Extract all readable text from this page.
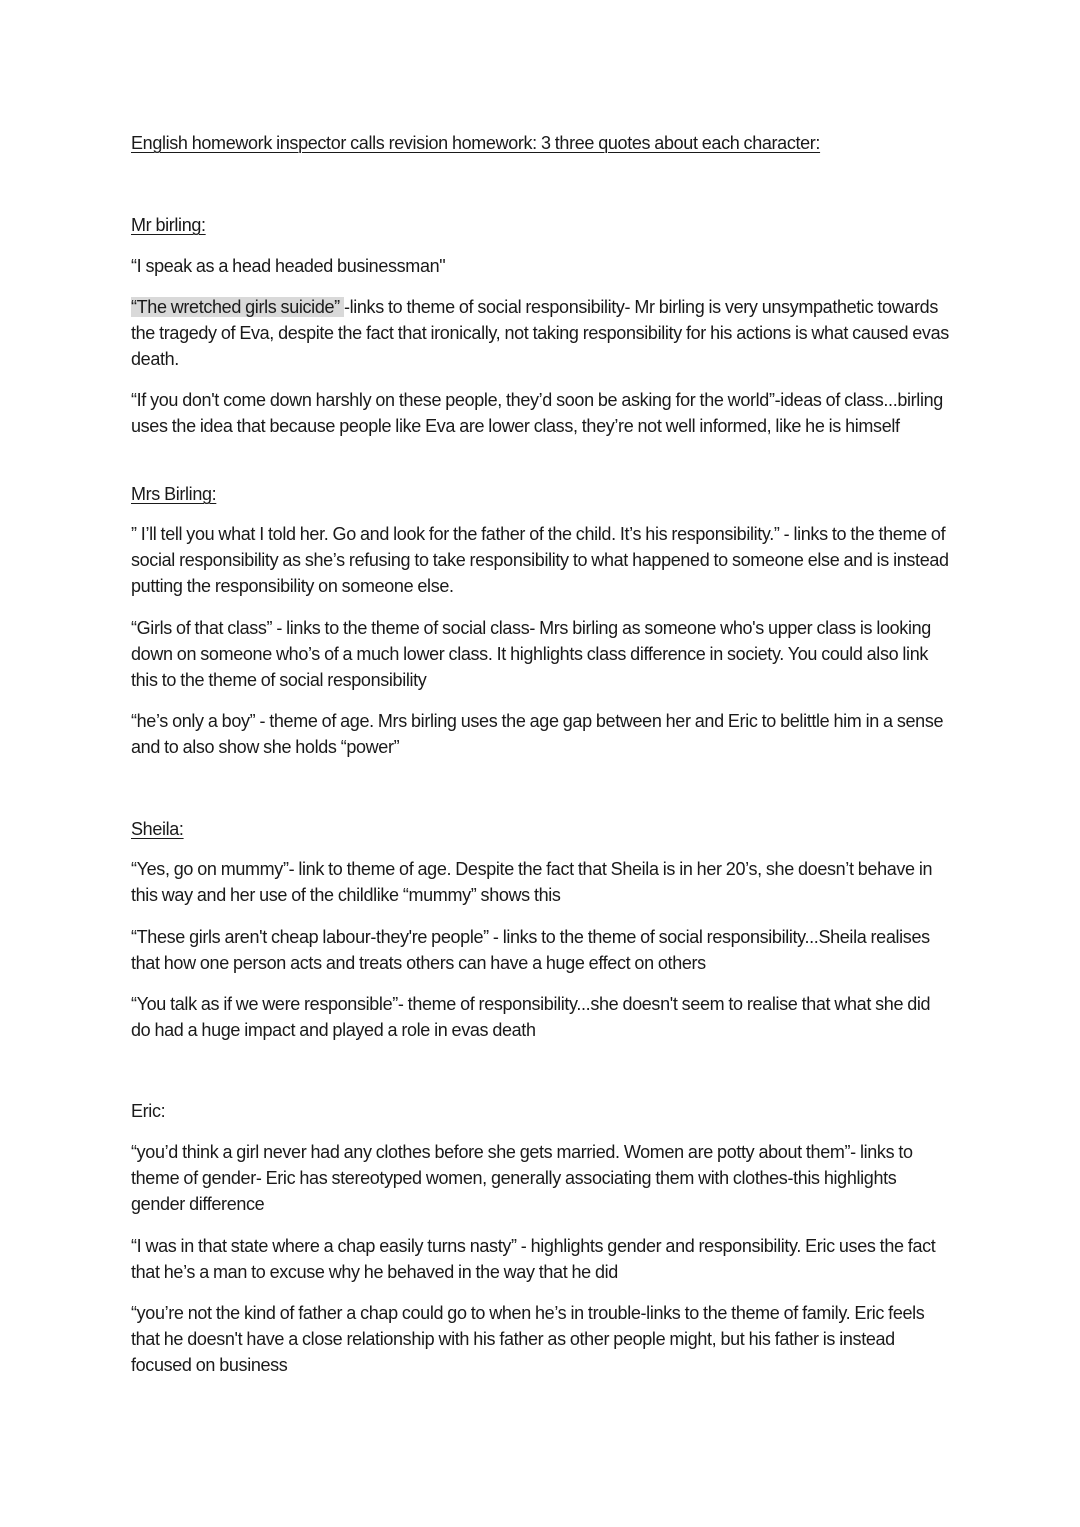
English homework inspector calls revision homework: 3 three quotes about each character:
Mr birling:
“I speak as a head headed businessman"
“The wretched girls suicide” -links to theme of social responsibility- Mr birling is very unsympathetic towards the tragedy of Eva, despite the fact that ironically, not taking responsibility for his actions is what caused evas death.
“If you don't come down harshly on these people, they’d soon be asking for the world”-ideas of class...birling uses the idea that because people like Eva are lower class, they’re not well informed, like he is himself
Mrs Birling:
” I’ll tell you what I told her. Go and look for the father of the child. It’s his responsibility.” - links to the theme of social responsibility as she’s refusing to take responsibility to what happened to someone else and is instead putting the responsibility on someone else.
“Girls of that class” - links to the theme of social class- Mrs birling as someone who's upper class is looking down on someone who’s of a much lower class. It highlights class difference in society. You could also link this to the theme of social responsibility
“he’s only a boy” - theme of age. Mrs birling uses the age gap between her and Eric to belittle him in a sense and to also show she holds “power”
Sheila:
“Yes, go on mummy”- link to theme of age. Despite the fact that Sheila is in her 20’s, she doesn’t behave in this way and her use of the childlike “mummy” shows this
“These girls aren't cheap labour-they're people” - links to the theme of social responsibility...Sheila realises that how one person acts and treats others can have a huge effect on others
“You talk as if we were responsible”- theme of responsibility...she doesn't seem to realise that what she did do had a huge impact and played a role in evas death
Eric:
“you’d think a girl never had any clothes before she gets married. Women are potty about them”- links to theme of gender- Eric has stereotyped women, generally associating them with clothes-this highlights gender difference
“I was in that state where a chap easily turns nasty” - highlights gender and responsibility. Eric uses the fact that he’s a man to excuse why he behaved in the way that he did
“you’re not the kind of father a chap could go to when he’s in trouble-links to the theme of family. Eric feels that he doesn't have a close relationship with his father as other people might, but his father is instead focused on business
